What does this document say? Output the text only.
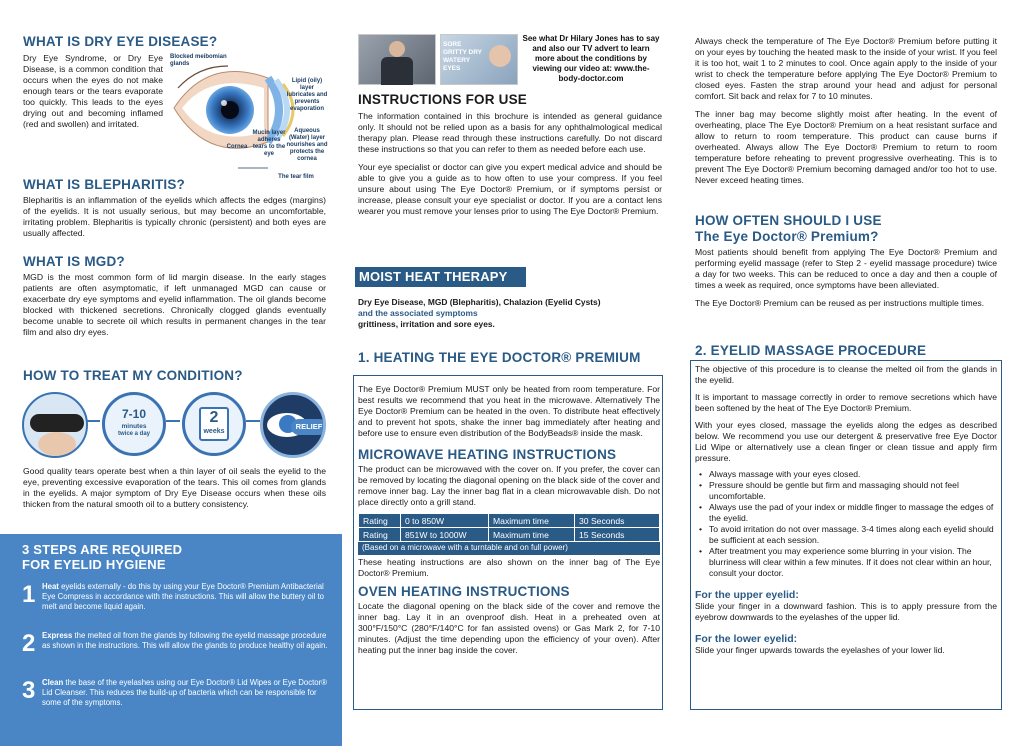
WHAT IS DRY EYE DISEASE?

Dry Eye Syndrome, or Dry Eye Disease, is a common condition that occurs when the eyes do not make enough tears or the tears evaporate too quickly. This leads to the eyes drying out and becoming inflamed (red and swollen) and irritated.

Blocked meibomian glands
Lipid (oily) layer lubricates and prevents evaporation
Aqueous (Water) layer nourishes and protects the cornea
Mucin layer adheres tears to the eye
Cornea
The tear film
WHAT IS BLEPHARITIS?

Blepharitis is an inflammation of the eyelids which affects the edges (margins) of the eyelids. It is not usually serious, but may become an uncomfortable, irritating problem. Blepharitis is typically chronic (persistent) and both eyes are usually affected.

WHAT IS MGD?

MGD is the most common form of lid margin disease. In the early stages patients are often asymptomatic, if left unmanaged MGD can cause or exacerbate dry eye symptoms and eyelid inflammation. The oil glands become blocked with thickened secretions. Chronically clogged glands eventually become unable to secrete oil which results in permanent changes in the tear film and also dry eyes.

HOW TO TREAT MY CONDITION?
7-10
minutes
twice a day
2
weeks
RELIEF

Good quality tears operate best when a thin layer of oil seals the eyelid to the eye, preventing excessive evaporation of the tears. This oil comes from glands in the eyelids. A major symptom of Dry Eye Disease occurs when these oils thicken from the natural smooth oil to a buttery consistency.

3 STEPS ARE REQUIRED
FOR EYELID HYGIENE
1 Heat eyelids externally - do this by using your Eye Doctor® Premium Antibacterial Eye Compress in accordance with the instructions. This will allow the buttery oil to melt and become liquid again.
2 Express the melted oil from the glands by following the eyelid massage procedure as shown in the instructions. This will allow the glands to produce healthy oil again.
3 Clean the base of the eyelashes using our Eye Doctor® Lid Wipes or Eye Doctor® Lid Cleanser. This reduces the build-up of bacteria which can be responsible for some of the symptoms.
SORE GRITTY DRY WATERY EYES
See what Dr Hilary Jones has to say and also our TV advert to learn more about the conditions by viewing our video at: www.the-body-doctor.com
INSTRUCTIONS FOR USE

The information contained in this brochure is intended as general guidance only. It should not be relied upon as a basis for any ophthalmological medical therapy plan. Please read through these instructions carefully. Do not discard these instructions so that you can refer to them as needed before each use.

Your eye specialist or doctor can give you expert medical advice and should be able to give you a guide as to how often to use your compress. If you feel unsure about using The Eye Doctor® Premium, or if symptoms persist or increase, please consult your eye specialist or doctor. If you are a contact lens wearer you must remove your lenses prior to using The Eye Doctor® Premium.

MOIST HEAT THERAPY
Dry Eye Disease, MGD (Blepharitis), Chalazion (Eyelid Cysts)
and the associated symptoms
grittiness, irritation and sore eyes.
1. HEATING THE EYE DOCTOR® PREMIUM

The Eye Doctor® Premium MUST only be heated from room temperature. For best results we recommend that you heat in the microwave. Alternatively The Eye Doctor® Premium can be heated in the oven. To distribute heat effectively and to prevent hot spots, shake the inner bag immediately after heating and before use to ensure even distribution of the BodyBeads® inside the mask.

MICROWAVE HEATING INSTRUCTIONS

The product can be microwaved with the cover on. If you prefer, the cover can be removed by locating the diagonal opening on the black side of the cover and remove inner bag. Lay the inner bag flat in a clean microwavable dish. Do not place directly onto a grill stand.

Rating	0 to 850W	Maximum time	30 Seconds
Rating	851W to 1000W	Maximum time	15 Seconds
(Based on a microwave with a turntable and on full power)

These heating instructions are also shown on the inner bag of The Eye Doctor® Premium.

OVEN HEATING INSTRUCTIONS

Locate the diagonal opening on the black side of the cover and remove the inner bag. Lay it in an ovenproof dish. Heat in a preheated oven at 300°F/150°C (280°F/140°C for fan assisted ovens) or Gas Mark 2, for 7-10 minutes. (Adjust the time depending upon the efficiency of your oven). After heating put the inner bag inside the cover.

Always check the temperature of The Eye Doctor® Premium before putting it on your eyes by touching the heated mask to the inside of your wrist. If you feel it is too hot, wait 1 to 2 minutes to cool. Once again apply to the inside of your wrist to check the temperature before applying The Eye Doctor® Premium to closed eyes. Fasten the strap around your head and adjust for personal comfort. Sit back and relax for 7 to 10 minutes.

The inner bag may become slightly moist after heating. In the event of overheating, place The Eye Doctor® Premium on a heat resistant surface and allow to return to room temperature. This product can cause burns if overheated. Always allow The Eye Doctor® Premium to return to room temperature before reheating to prevent progressive overheating. This is to prevent The Eye Doctor® Premium becoming damaged and/or too hot to use. Never exceed heating times.

HOW OFTEN SHOULD I USE
The Eye Doctor® Premium?

Most patients should benefit from applying The Eye Doctor® Premium and performing eyelid massage (refer to Step 2 - eyelid massage procedure) twice a day for two weeks. This can be reduced to once a day and then a couple of times a week as required, once symptoms have been alleviated.

The Eye Doctor® Premium can be reused as per instructions multiple times.

2. EYELID MASSAGE PROCEDURE

The objective of this procedure is to cleanse the melted oil from the glands in the eyelid.

It is important to massage correctly in order to remove secretions which have been softened by the heat of The Eye Doctor® Premium.

With your eyes closed, massage the eyelids along the edges as described below. We recommend you use our detergent & preservative free Eye Doctor Lid Wipe or alternatively use a clean finger or clean tissue and apply firm pressure.

• Always massage with your eyes closed.
• Pressure should be gentle but firm and massaging should not feel uncomfortable.
• Always use the pad of your index or middle finger to massage the edges of the eyelid.
• To avoid irritation do not over massage. 3-4 times along each eyelid should be sufficient at each session.
• After treatment you may experience some blurring in your vision. The blurriness will clear within a few minutes. If it does not clear within an hour, consult your doctor.
For the upper eyelid:

Slide your finger in a downward fashion. This is to apply pressure from the eyebrow downwards to the eyelashes of the upper lid.

For the lower eyelid:

Slide your finger upwards towards the eyelashes of your lower lid.
